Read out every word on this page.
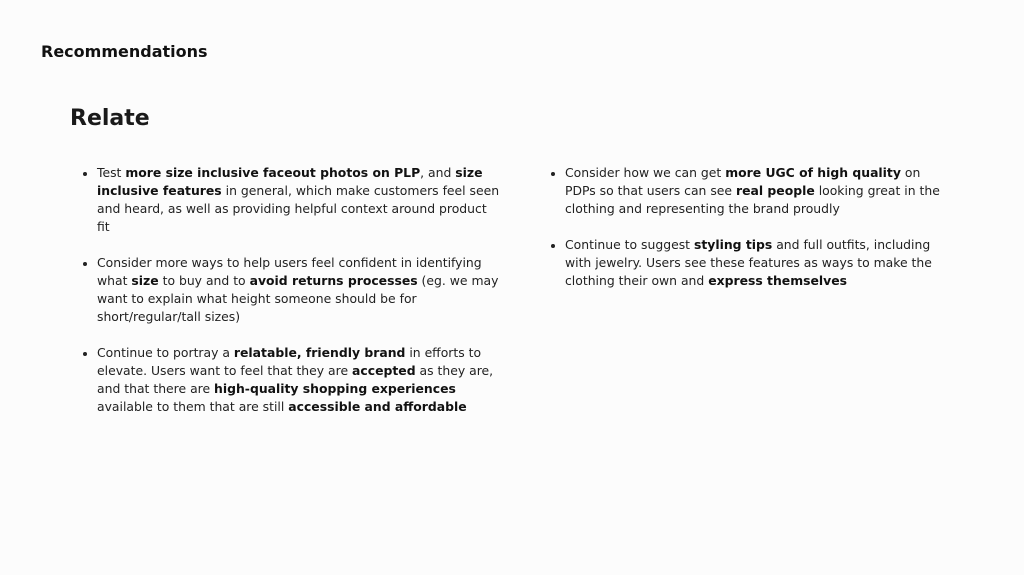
Recommendations
Relate
Test more size inclusive faceout photos on PLP, and size inclusive features in general, which make customers feel seen and heard, as well as providing helpful context around product fit
Consider more ways to help users feel confident in identifying what size to buy and to avoid returns processes (eg. we may want to explain what height someone should be for short/regular/tall sizes)
Continue to portray a relatable, friendly brand in efforts to elevate. Users want to feel that they are accepted as they are, and that there are high-quality shopping experiences available to them that are still accessible and affordable
Consider how we can get more UGC of high quality on PDPs so that users can see real people looking great in the clothing and representing the brand proudly
Continue to suggest styling tips and full outfits, including with jewelry. Users see these features as ways to make the clothing their own and express themselves
